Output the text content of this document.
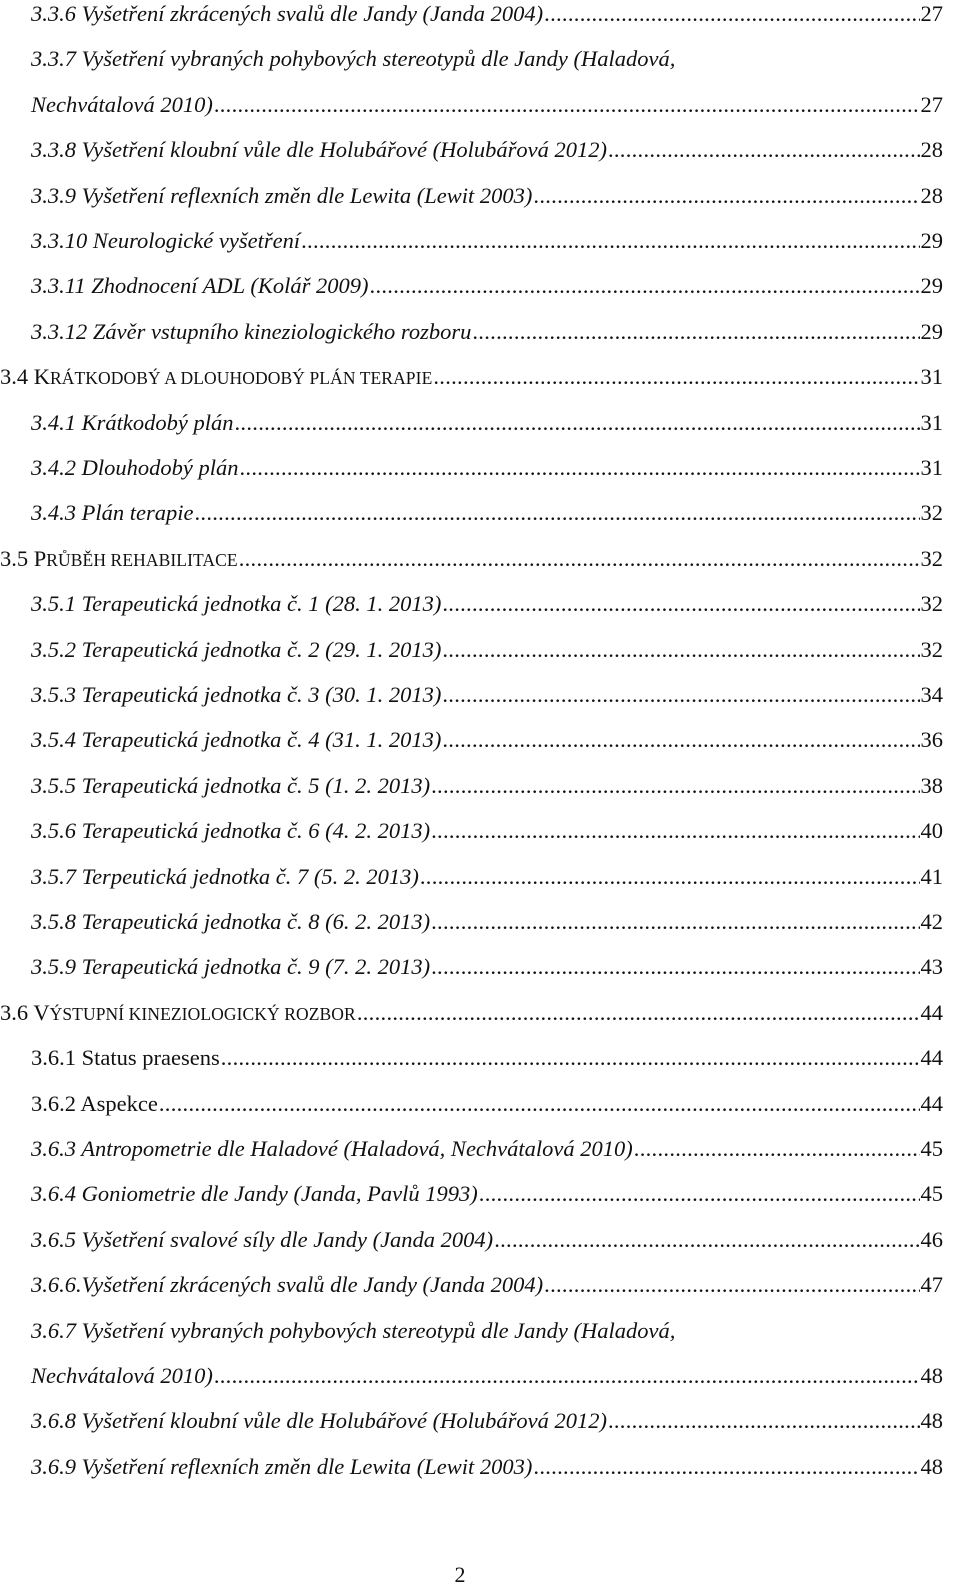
3.3.6 Vyšetření zkrácených svalů dle Jandy (Janda 2004) .....	27
3.3.7 Vyšetření vybraných pohybových stereotypů dle Jandy (Haladová,
Nechvátalová 2010) .....	27
3.3.8 Vyšetření kloubní vůle dle Holubářové (Holubářová 2012) .....	28
3.3.9 Vyšetření reflexních změn dle Lewita (Lewit 2003) .....	28
3.3.10 Neurologické vyšetření .....	29
3.3.11 Zhodnocení ADL (Kolář 2009) .....	29
3.3.12 Závěr vstupního kineziologického rozboru .....	29
3.4 KRÁTKODOBÝ A DLOUHODOBÝ PLÁN TERAPIE .....	31
3.4.1 Krátkodobý plán .....	31
3.4.2 Dlouhodobý plán .....	31
3.4.3 Plán terapie .....	32
3.5 PRŮBĚH REHABILITACE .....	32
3.5.1 Terapeutická jednotka č. 1 (28. 1. 2013) .....	32
3.5.2 Terapeutická jednotka č. 2 (29. 1. 2013) .....	32
3.5.3 Terapeutická jednotka č. 3 (30. 1. 2013) .....	34
3.5.4 Terapeutická jednotka č. 4 (31. 1. 2013) .....	36
3.5.5 Terapeutická jednotka č. 5 (1. 2. 2013) .....	38
3.5.6 Terapeutická jednotka č. 6 (4. 2. 2013) .....	40
3.5.7 Terpeutická jednotka č. 7 (5. 2. 2013) .....	41
3.5.8 Terapeutická jednotka č. 8 (6. 2. 2013) .....	42
3.5.9 Terapeutická jednotka č. 9 (7. 2. 2013) .....	43
3.6 VÝSTUPNÍ KINEZIOLOGICKÝ ROZBOR .....	44
3.6.1 Status praesens .....	44
3.6.2 Aspekce .....	44
3.6.3 Antropometrie dle Haladové (Haladová, Nechvátalová 2010) .....	45
3.6.4 Goniometrie dle Jandy (Janda, Pavlů 1993) .....	45
3.6.5 Vyšetření svalové síly dle Jandy (Janda 2004) .....	46
3.6.6.Vyšetření zkrácených svalů dle Jandy (Janda 2004) .....	47
3.6.7 Vyšetření vybraných pohybových stereotypů dle Jandy (Haladová,
Nechvátalová 2010) .....	48
3.6.8 Vyšetření kloubní vůle dle Holubářové (Holubářová 2012) .....	48
3.6.9 Vyšetření reflexních změn dle Lewita (Lewit 2003) .....	48
2
